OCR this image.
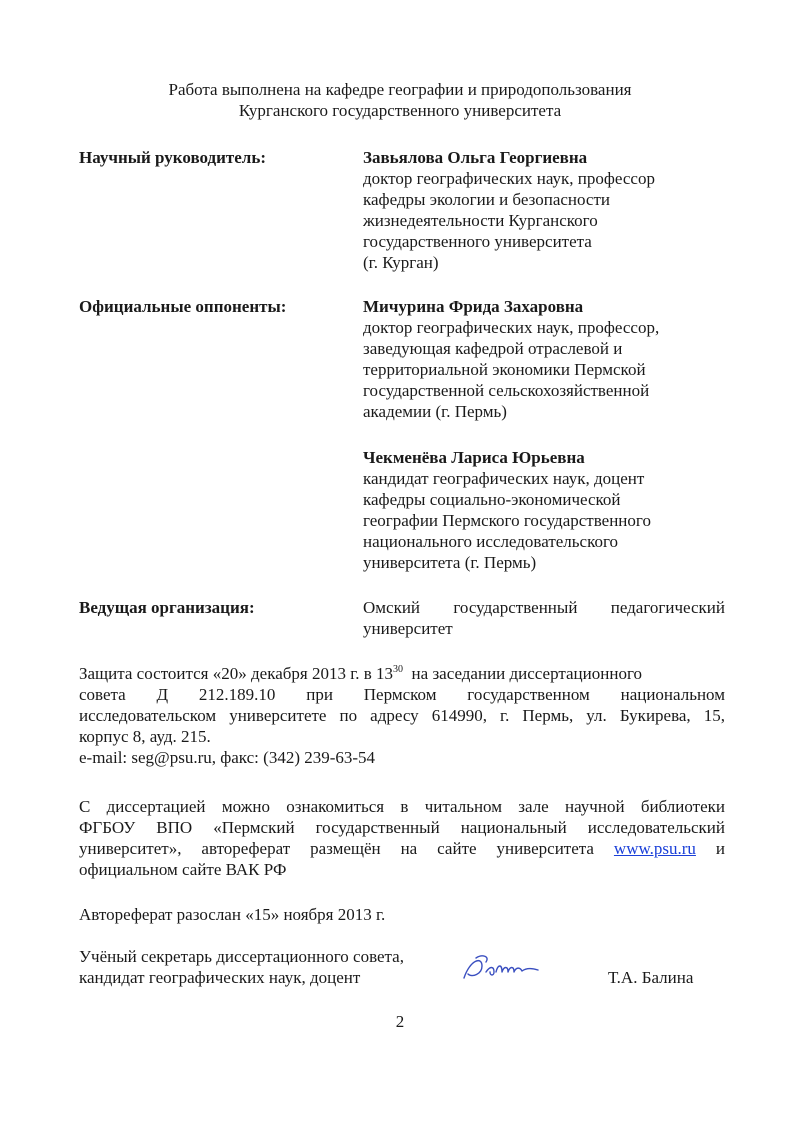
Работа выполнена на кафедре географии и природопользования
Курганского государственного университета
Научный руководитель:	Завьялова Ольга Георгиевна
доктор географических наук, профессор
кафедры экологии и безопасности
жизнедеятельности Курганского
государственного университета
(г. Курган)
Официальные оппоненты:	Мичурина Фрида Захаровна
доктор географических наук, профессор,
заведующая кафедрой отраслевой и
территориальной экономики Пермской
государственной сельскохозяйственной
академии (г. Пермь)
Чекменёва Лариса Юрьевна
кандидат географических наук, доцент
кафедры социально-экономической
географии Пермского государственного
национального исследовательского
университета (г. Пермь)
Ведущая организация:	Омский государственный педагогический
университет
Защита состоится «20» декабря 2013 г. в $13^{30}$  на заседании диссертационного
совета Д 212.189.10 при Пермском государственном национальном
исследовательском университете по адресу 614990, г. Пермь, ул. Букирева, 15,
корпус 8, ауд. 215.
e-mail: seg@psu.ru, факс: (342) 239-63-54
С диссертацией можно ознакомиться в читальном зале научной библиотеки
ФГБОУ ВПО «Пермский государственный национальный исследовательский
университет», автореферат размещён на сайте университета www.psu.ru и
официальном сайте ВАК РФ
Автореферат разослан «15» ноября 2013 г.
Учёный секретарь диссертационного совета,
кандидат географических наук, доцент	Т.А. Балина
2
